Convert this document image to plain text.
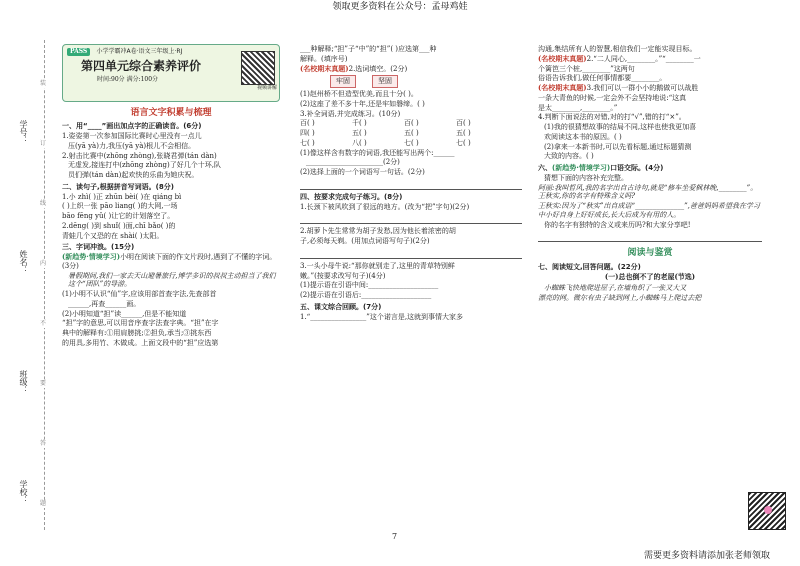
领取更多资料在公众号：孟母鸡娃
学号：
姓名：
班级：
学校：
装
订
线
内
不
要
答
题
PASS 小学学霸冲A卷·语文三年级上·RJ
第四单元综合素养评价
时间:90分 满分:100分
视频讲解
语言文字积累与梳理
一、用“____”画出加点字的正确读音。(6分)
1.姿姿第一次参加国际比赛时心里没有一点儿
压(yā yà)力,我压(yā yà)根儿不会相信。
2.射击比赛中(zhōng zhòng),张晓君弹(tán dàn)
无虚发,接连打中(zhōng zhòng)了好几个十环,队
员们弹(tán dàn)起欢快的乐曲为她庆祝。
二、读句子,根据拼音写词语。(8分)
1.小 zhì( )正 zhūn bèi( )在 qiáng bì
( )上织一张 pāo liang( )的大网,一场
bāo fēng yǔ( )让它的计划落空了。
2.dēng( )到 shuǐ( )面,chī bǎo( )的
青蛙几个又恐的在 shài( )太阳。
三、字词冲浪。(15分)
(新趋势·情境学习)小明在阅读下面的作文片段时,遇到了不懂的字词。(3分)
暑假期间,我们一家去天山避暑旅行,博学多识的叔叔主动担当了我们这个“团队”的导游。
(1)小明不认识“仙”字,应该用部首查字法,先查部首
______,再查______画。
(2)小明知道“担”读______,但是不能知道
“担”字的意思,可以用音序查字法查字典。“担”在字
典中的解释有:①用肩膀挑;②担负,承当;③挑东西
的用具,多用竹、木做成。上面文段中的“担”应选第
___种解释;“担”子“中”的“担”( )应选第___种
解释。(填序号)
(名校期末真题)2.选词填空。(2分)
牢固	坚固
(1)赵州桥不但造型优美,而且十分( )。
(2)这座了差不多十年,还是牢如磐缔。( )
3.补全词语,并完成练习。(10分)
百( )	千( )	百( )	百( )
四( )	五( )	五( )	五( )
七( )	八( )	七( )	七( )
(1)像这样含有数字的词语,我还能写出两个:______
______________________(2分)
(2)选择上面的一个词语写一句话。(2分)
四、按要求完成句子练习。(8分)
1.长颈下被风吹到了很远的地方。(改为“把”字句)(2分)
2.胡萝卜先生常常为胡子发愁,因为他长着浓密的胡
子,必须每天剃。(用加点词语写句子)(2分)
3.一头小母牛说:“那你就别走了,这里的青草特别鲜
嫩。”(按要求改写句子)(4分)
(1)提示语在引语中间:____________________
(2)提示语在引语后:____________________
五、课文综合回顾。(7分)
1.“________________”这个诺言是,这就到事情大家多
沟通,集结所有人的智慧,相信我们一定能实现目标。
(名校期末真题)2.“二人同心,________。”“________一
个篱笆三个桩,________”这两句
俗语告诉我们,做任何事情都要________。
(名校期末真题)3.我们可以一群小小的鹅做可以战胜
一条大青鱼的时候,一定会外不会坚持地说:“这真
是太________,________。”
4.判断下面说法的对错,对的打“√”,错的打“×”。
(1)我的很猜想故事的结局不同,这样也使我更加喜
欢阅读这本书的原因。( )
(2)拿来一本新书时,可以先看标题,通过标题猜测
大致的内容。( )
六、(新趋势·情境学习)口语交际。(4分)
猜想下面的内容补充完整。
阿丽:我叫哲风,我的名字出自古诗句,就是“修车坐爱枫林晚,________”。王秋实,你的名字有特殊含义吗?
王秋实:因为了“秋实”出自成语“______________”,爸爸妈妈希望我在学习中小好自身上好好成长,长大后成为有用的人。
你的名字有独特的含义或来历吗?和大家分享吧!
阅读与鉴赏
七、阅读短文,回答问题。(22分)
(一)总也倒不了的老屋(节选)
小蜘蛛飞快地爬进屋子,在墙角织了一张又大又
漂亮的网。微尔有虫子缺到网上,小蜘蛛马上爬过去把
7
需要更多资料请添加张老师领取
